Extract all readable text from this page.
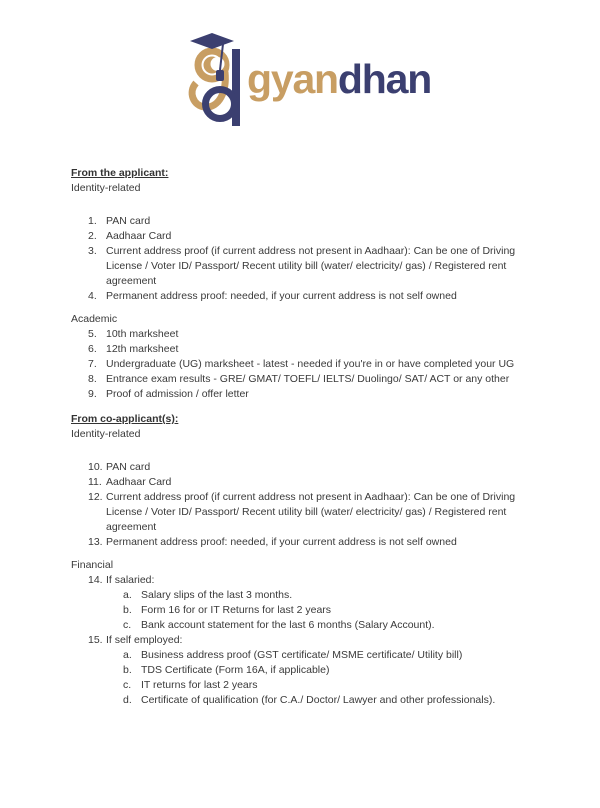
gyandhan
From the applicant:
Identity-related
1. PAN card
2. Aadhaar Card
3. Current address proof (if current address not present in Aadhaar): Can be one of Driving License / Voter ID/ Passport/ Recent utility bill (water/ electricity/ gas) / Registered rent agreement
4. Permanent address proof: needed, if your current address is not self owned
Academic
5. 10th marksheet
6. 12th marksheet
7. Undergraduate (UG) marksheet - latest - needed if you're in or have completed your UG
8. Entrance exam results - GRE/ GMAT/ TOEFL/ IELTS/ Duolingo/ SAT/ ACT or any other
9. Proof of admission / offer letter
From co-applicant(s):
Identity-related
10. PAN card
11. Aadhaar Card
12. Current address proof (if current address not present in Aadhaar): Can be one of Driving License / Voter ID/ Passport/ Recent utility bill (water/ electricity/ gas) / Registered rent agreement
13. Permanent address proof: needed, if your current address is not self owned
Financial
14. If salaried:
a. Salary slips of the last 3 months.
b. Form 16 for or IT Returns for last 2 years
c. Bank account statement for the last 6 months (Salary Account).
15. If self employed:
a. Business address proof (GST certificate/ MSME certificate/ Utility bill)
b. TDS Certificate (Form 16A, if applicable)
c. IT returns for last 2 years
d. Certificate of qualification (for C.A./ Doctor/ Lawyer and other professionals).
